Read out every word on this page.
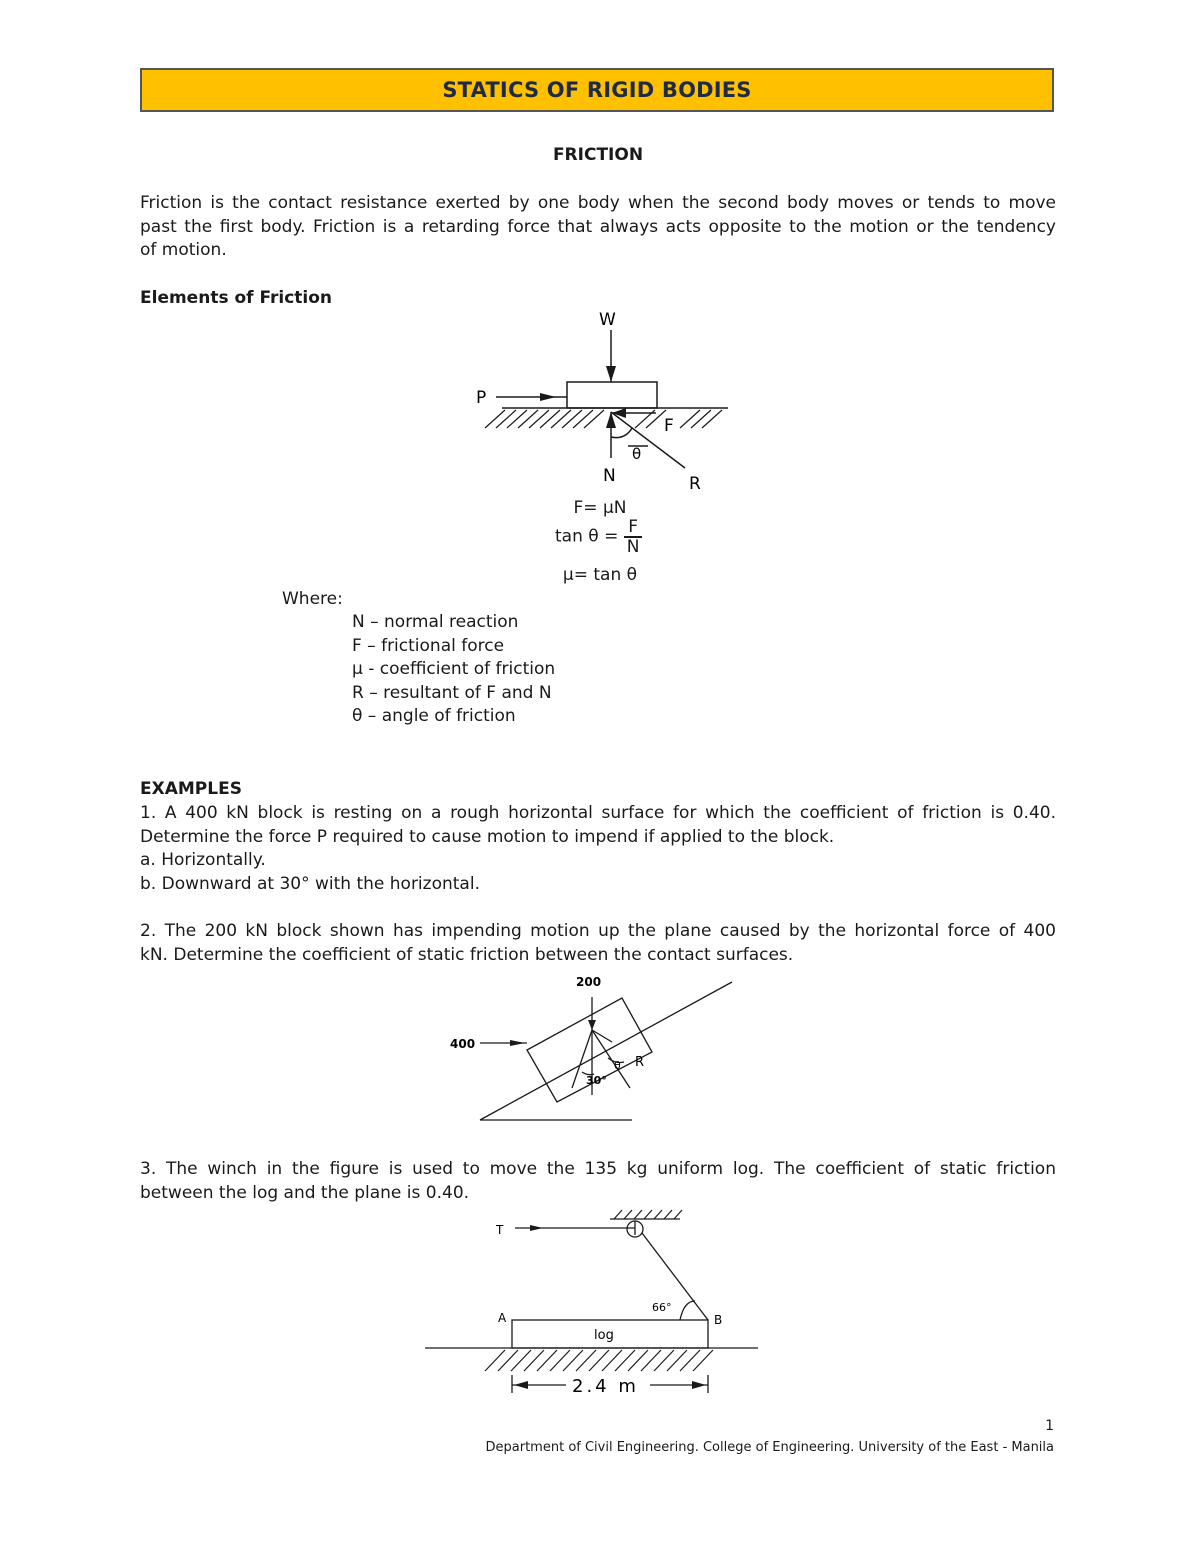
STATICS OF RIGID BODIES
FRICTION
Friction is the contact resistance exerted by one body when the second body moves or tends to move
past the first body. Friction is a retarding force that always acts opposite to the motion or the tendency
of motion.
Elements of Friction
W
P
F
θ
N	R
F= μN
$\tan \theta = \frac{F}{N}$
μ= tan θ
Where:
N – normal reaction
F – frictional force
μ - coefficient of friction
R – resultant of F and N
θ – angle of friction
EXAMPLES
1. A 400 kN block is resting on a rough horizontal surface for which the coefficient of friction is 0.40.
Determine the force P required to cause motion to impend if applied to the block.
a. Horizontally.
b. Downward at 30° with the horizontal.
2. The 200 kN block shown has impending motion up the plane caused by the horizontal force of 400
kN. Determine the coefficient of static friction between the contact surfaces.
200
400
R
θ
30°
3. The winch in the figure is used to move the 135 kg uniform log. The coefficient of static friction
between the log and the plane is 0.40.
T
A	B
66°
log
2.4 m
1
Department of Civil Engineering. College of Engineering. University of the East - Manila
